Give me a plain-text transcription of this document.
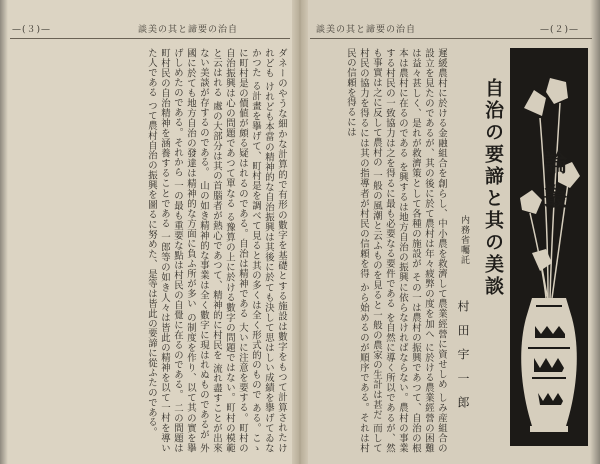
—(３)—	談美の其と諦要の治自
ダネーのやうな細かな計算的で有形の數字を基礎とする施設は數字をもつて計算されたけれども けれども本當の精神的な自治振興は其後に於ても決して思はしい成績を擧げてゐなかつた る計畫を擧げて、町村是を調べて見ると其の多くは全く形式的のもので ある。こゝに町村是の價値が頗る疑はれるのである。自治は精神である 大いに注意を要する。町村の自治振興は心の問題であつて單なる る豫算の上に於ける數字の問題ではない。町村の模範と云はれる 處の大部分は其の首腦者が熱心であつて、精神的に村民を 流れ盡すことが出來ない美談が存するのである。 山の如き精神的な事業は全く數字に現はれぬものであるが 外國に於ても地方自治の發達は精神的な方面に負ふ所が多い の制度を作り、以て其の實を擧げしめたのである。それから 一の最も重要な點は村民の自覺に在るのである。 二の間題は町村民の自治精神を涵養することである 一郎等の如き人々は皆此の精神を以て一村を導いた人である つて農村自治の振興を圖るに努めた、是等は皆此の要諦に從ふたのである。
—(２)—
談美の其と諦要の治自
遲緩農村に於ける金融組合を創らし、中小農を救濟して農業經營に資せしめ しみ産組合の設立を見たのであるが、其の後に於て農村は年々疲弊の度を加へ に於ける農業經營の困難は益々甚しく、是れが救濟策として各種の施設が その一は農村の振興であつて、自治の根本は農村に在るのである を興するは地方自治の振興に依らなければならない。農村の事業 する村民の一致協力は之を得るに最も必要なる要件である を自然に導く所以であるが、然も事實は之に反して農村の 一般の風潮と云ふものを見ると一般の農家の生計は甚だ 而して村民の協力を得るには其の指導者が村民の信頼を得 から始めるのが順序である。それは村民の信頼を得るには
論叢
自治の要諦と其の美談
内務省囑託
村田宇一郎
